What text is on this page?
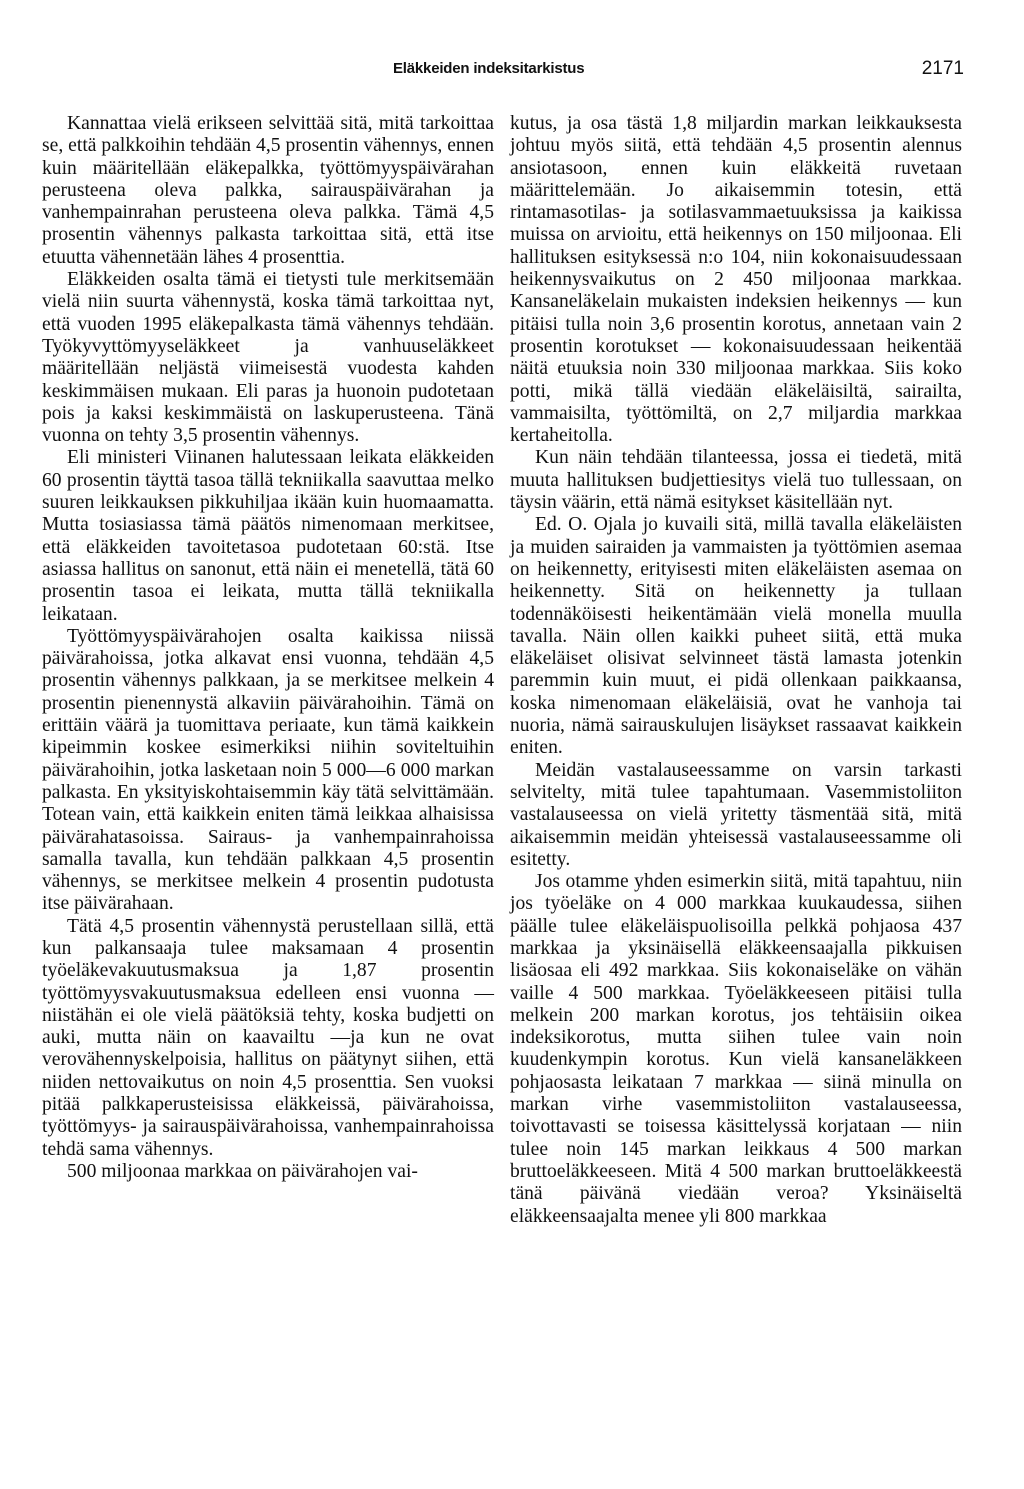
Eläkkeiden indeksitarkistus	2171

Kannattaa vielä erikseen selvittää sitä, mitä tarkoittaa se, että palkkoihin tehdään 4,5 prosentin vähennys, ennen kuin määritellään eläkepalkka, työttömyyspäivärahan perusteena oleva palkka, sairauspäivärahan ja vanhempainrahan perusteena oleva palkka. Tämä 4,5 prosentin vähennys palkasta tarkoittaa sitä, että itse etuutta vähennetään lähes 4 prosenttia.

Eläkkeiden osalta tämä ei tietysti tule merkitsemään vielä niin suurta vähennystä, koska tämä tarkoittaa nyt, että vuoden 1995 eläkepalkasta tämä vähennys tehdään. Työkyvyttömyyseläkkeet ja vanhuuseläkkeet määritellään neljästä viimeisestä vuodesta kahden keskimmäisen mukaan. Eli paras ja huonoin pudotetaan pois ja kaksi keskimmäistä on laskuperusteena. Tänä vuonna on tehty 3,5 prosentin vähennys.

Eli ministeri Viinanen halutessaan leikata eläkkeiden 60 prosentin täyttä tasoa tällä tekniikalla saavuttaa melko suuren leikkauksen pikkuhiljaa ikään kuin huomaamatta. Mutta tosiasiassa tämä päätös nimenomaan merkitsee, että eläkkeiden tavoitetasoa pudotetaan 60:stä. Itse asiassa hallitus on sanonut, että näin ei menetellä, tätä 60 prosentin tasoa ei leikata, mutta tällä tekniikalla leikataan.

Työttömyyspäivärahojen osalta kaikissa niissä päivärahoissa, jotka alkavat ensi vuonna, tehdään 4,5 prosentin vähennys palkkaan, ja se merkitsee melkein 4 prosentin pienennystä alkaviin päivärahoihin. Tämä on erittäin väärä ja tuomittava periaate, kun tämä kaikkein kipeimmin koskee esimerkiksi niihin soviteltuihin päivärahoihin, jotka lasketaan noin 5 000—6 000 markan palkasta. En yksityiskohtaisemmin käy tätä selvittämään. Totean vain, että kaikkein eniten tämä leikkaa alhaisissa päivärahatasoissa. Sairaus- ja vanhempainrahoissa samalla tavalla, kun tehdään palkkaan 4,5 prosentin vähennys, se merkitsee melkein 4 prosentin pudotusta itse päivärahaan.

Tätä 4,5 prosentin vähennystä perustellaan sillä, että kun palkansaaja tulee maksamaan 4 prosentin työeläkevakuutusmaksua ja 1,87 prosentin työttömyysvakuutusmaksua edelleen ensi vuonna — niistähän ei ole vielä päätöksiä tehty, koska budjetti on auki, mutta näin on kaavailtu —ja kun ne ovat verovähennyskelpoisia, hallitus on päätynyt siihen, että niiden nettovaikutus on noin 4,5 prosenttia. Sen vuoksi pitää palkkaperusteisissa eläkkeissä, päivärahoissa, työttömyys- ja sairauspäivärahoissa, vanhempainrahoissa tehdä sama vähennys.

500 miljoonaa markkaa on päivärahojen vai-

kutus, ja osa tästä 1,8 miljardin markan leikkauksesta johtuu myös siitä, että tehdään 4,5 prosentin alennus ansiotasoon, ennen kuin eläkkeitä ruvetaan määrittelemään. Jo aikaisemmin totesin, että rintamasotilas- ja sotilasvammaetuuksissa ja kaikissa muissa on arvioitu, että heikennys on 150 miljoonaa. Eli hallituksen esityksessä n:o 104, niin kokonaisuudessaan heikennysvaikutus on 2 450 miljoonaa markkaa. Kansaneläkelain mukaisten indeksien heikennys — kun pitäisi tulla noin 3,6 prosentin korotus, annetaan vain 2 prosentin korotukset — kokonaisuudessaan heikentää näitä etuuksia noin 330 miljoonaa markkaa. Siis koko potti, mikä tällä viedään eläkeläisiltä, sairailta, vammaisilta, työttömiltä, on 2,7 miljardia markkaa kertaheitolla.

Kun näin tehdään tilanteessa, jossa ei tiedetä, mitä muuta hallituksen budjettiesitys vielä tuo tullessaan, on täysin väärin, että nämä esitykset käsitellään nyt.

Ed. O. Ojala jo kuvaili sitä, millä tavalla eläkeläisten ja muiden sairaiden ja vammaisten ja työttömien asemaa on heikennetty, erityisesti miten eläkeläisten asemaa on heikennetty. Sitä on heikennetty ja tullaan todennäköisesti heikentämään vielä monella muulla tavalla. Näin ollen kaikki puheet siitä, että muka eläkeläiset olisivat selvinneet tästä lamasta jotenkin paremmin kuin muut, ei pidä ollenkaan paikkaansa, koska nimenomaan eläkeläisiä, ovat he vanhoja tai nuoria, nämä sairauskulujen lisäykset rassaavat kaikkein eniten.

Meidän vastalauseessamme on varsin tarkasti selvitelty, mitä tulee tapahtumaan. Vasemmistoliiton vastalauseessa on vielä yritetty täsmentää sitä, mitä aikaisemmin meidän yhteisessä vastalauseessamme oli esitetty.

Jos otamme yhden esimerkin siitä, mitä tapahtuu, niin jos työeläke on 4 000 markkaa kuukaudessa, siihen päälle tulee eläkeläispuolisoilla pelkkä pohjaosa 437 markkaa ja yksinäisellä eläkkeensaajalla pikkuisen lisäosaa eli 492 markkaa. Siis kokonaiseläke on vähän vaille 4 500 markkaa. Työeläkkeeseen pitäisi tulla melkein 200 markan korotus, jos tehtäisiin oikea indeksikorotus, mutta siihen tulee vain noin kuudenkympin korotus. Kun vielä kansaneläkkeen pohjaosasta leikataan 7 markkaa — siinä minulla on markan virhe vasemmistoliiton vastalauseessa, toivottavasti se toisessa käsittelyssä korjataan — niin tulee noin 145 markan leikkaus 4 500 markan bruttoeläkkeeseen. Mitä 4 500 markan bruttoeläkkeestä tänä päivänä viedään veroa? Yksinäiseltä eläkkeensaajalta menee yli 800 markkaa
